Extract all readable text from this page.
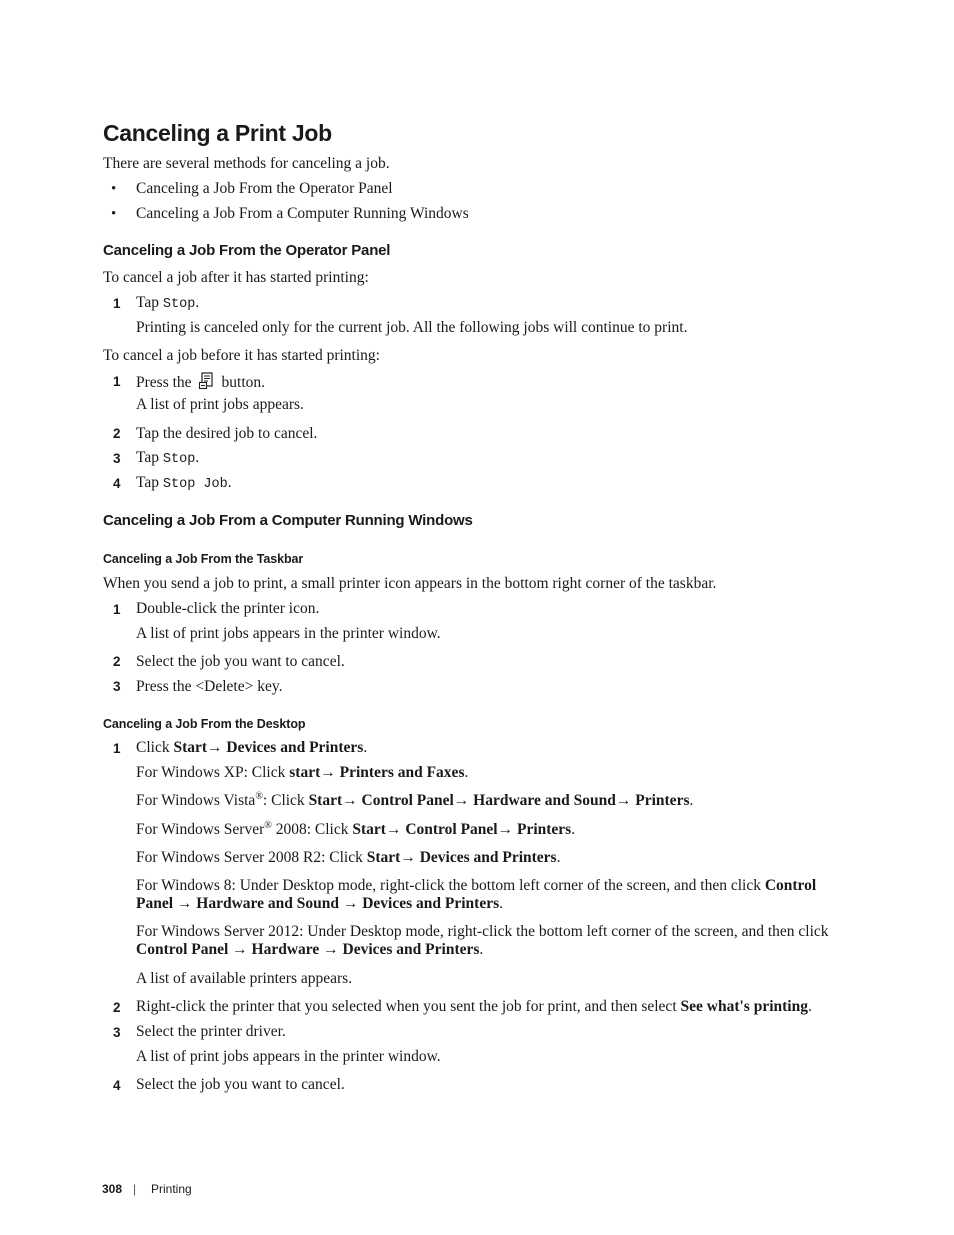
Canceling a Print Job
There are several methods for canceling a job.
• Canceling a Job From the Operator Panel
• Canceling a Job From a Computer Running Windows
Canceling a Job From the Operator Panel
To cancel a job after it has started printing:
1 Tap Stop.
Printing is canceled only for the current job. All the following jobs will continue to print.
To cancel a job before it has started printing:
1 Press the button.
A list of print jobs appears.
2 Tap the desired job to cancel.
3 Tap Stop.
4 Tap Stop Job.
Canceling a Job From a Computer Running Windows
Canceling a Job From the Taskbar
When you send a job to print, a small printer icon appears in the bottom right corner of the taskbar.
1 Double-click the printer icon.
A list of print jobs appears in the printer window.
2 Select the job you want to cancel.
3 Press the <Delete> key.
Canceling a Job From the Desktop
1 Click Start→ Devices and Printers.
For Windows XP: Click start→ Printers and Faxes.
For Windows Vista®: Click Start→ Control Panel→ Hardware and Sound→ Printers.
For Windows Server® 2008: Click Start→ Control Panel→ Printers.
For Windows Server 2008 R2: Click Start→ Devices and Printers.
For Windows 8: Under Desktop mode, right-click the bottom left corner of the screen, and then click Control Panel → Hardware and Sound → Devices and Printers.
For Windows Server 2012: Under Desktop mode, right-click the bottom left corner of the screen, and then click Control Panel → Hardware → Devices and Printers.
A list of available printers appears.
2 Right-click the printer that you selected when you sent the job for print, and then select See what's printing.
3 Select the printer driver.
A list of print jobs appears in the printer window.
4 Select the job you want to cancel.
308 | Printing
